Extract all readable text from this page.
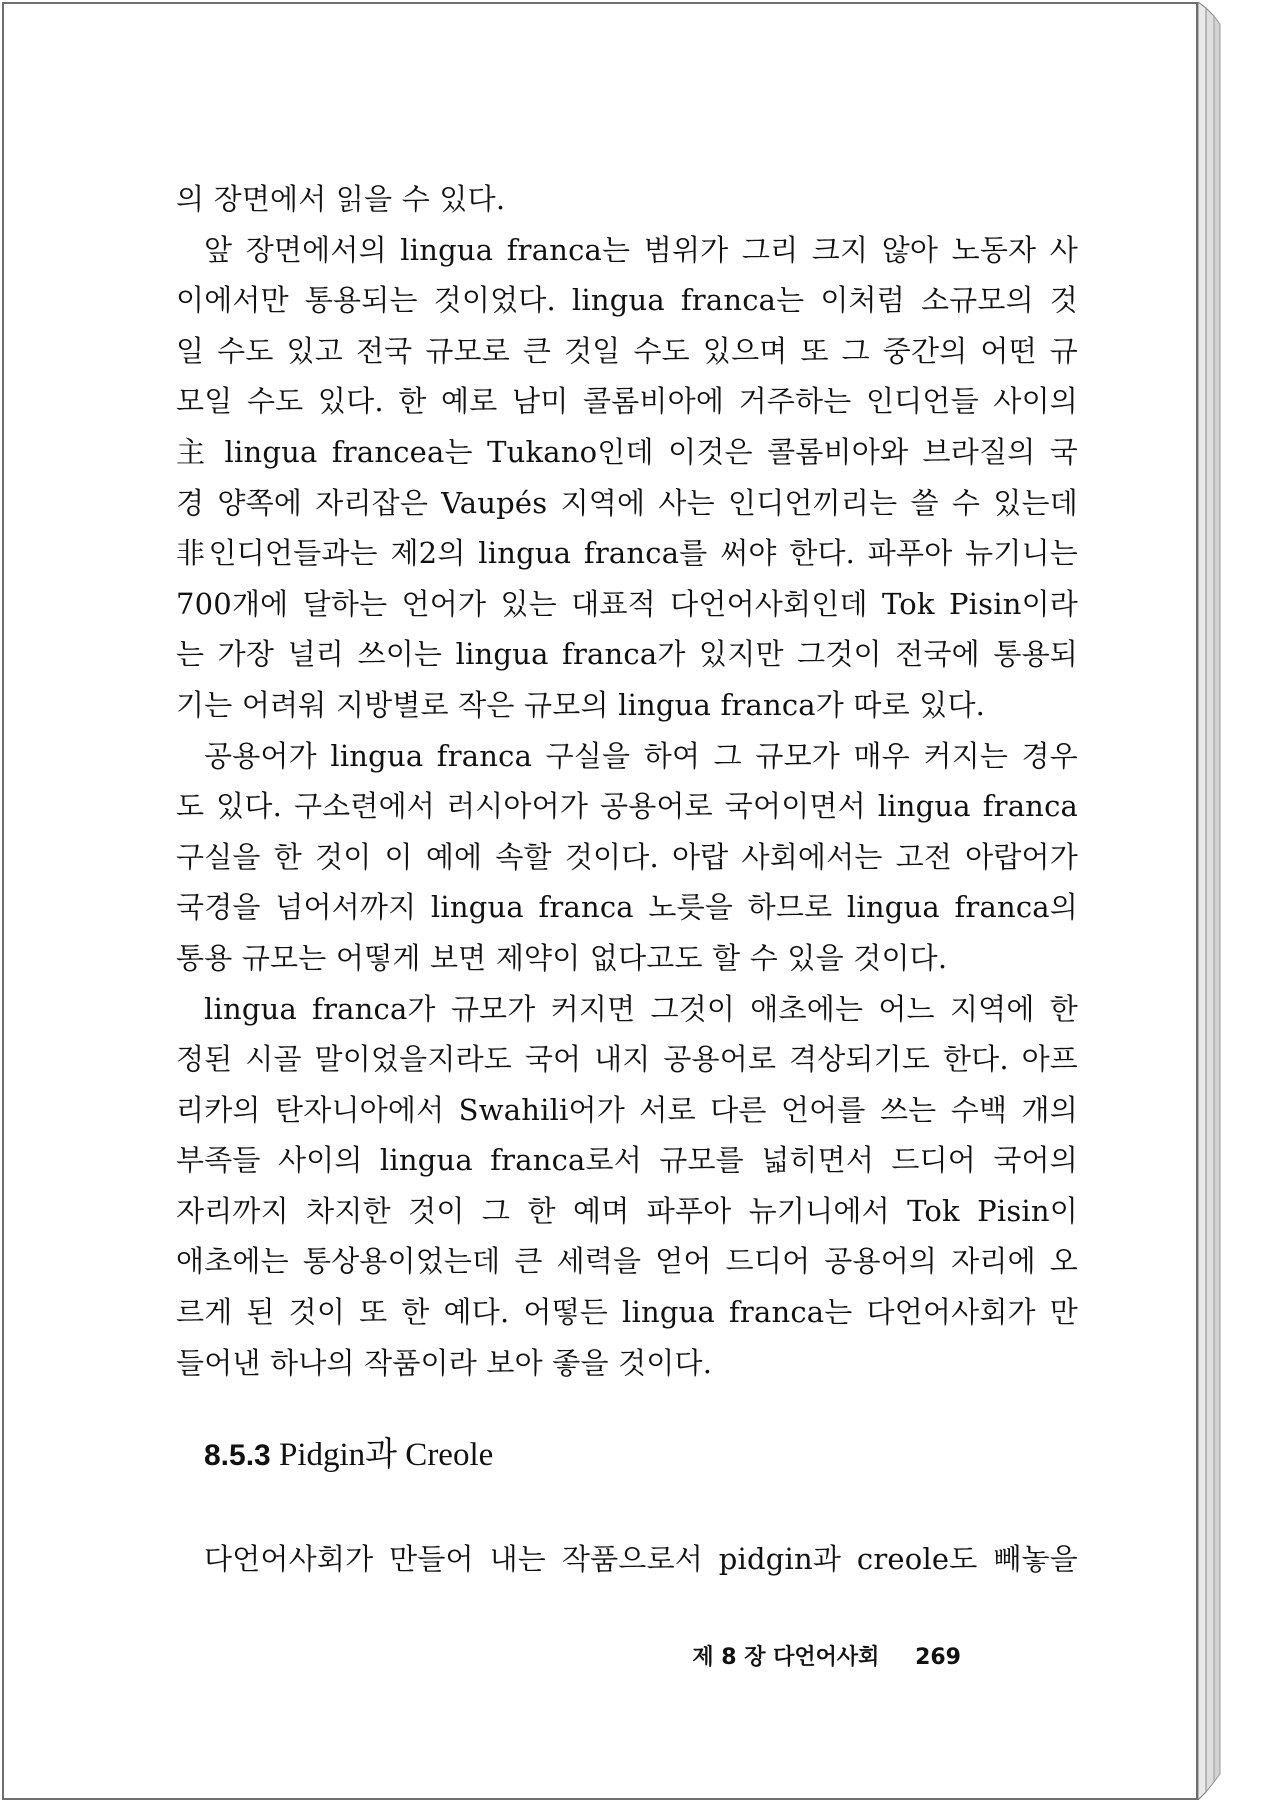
의 장면에서 읽을 수 있다.
앞 장면에서의 lingua franca는 범위가 그리 크지 않아 노동자 사
이에서만 통용되는 것이었다. lingua franca는 이처럼 소규모의 것
일 수도 있고 전국 규모로 큰 것일 수도 있으며 또 그 중간의 어떤 규
모일 수도 있다. 한 예로 남미 콜롬비아에 거주하는 인디언들 사이의
主 lingua francea는 Tukano인데 이것은 콜롬비아와 브라질의 국
경 양쪽에 자리잡은 Vaupés 지역에 사는 인디언끼리는 쓸 수 있는데
非인디언들과는 제2의 lingua franca를 써야 한다. 파푸아 뉴기니는
700개에 달하는 언어가 있는 대표적 다언어사회인데 Tok Pisin이라
는 가장 널리 쓰이는 lingua franca가 있지만 그것이 전국에 통용되
기는 어려워 지방별로 작은 규모의 lingua franca가 따로 있다.
공용어가 lingua franca 구실을 하여 그 규모가 매우 커지는 경우
도 있다. 구소련에서 러시아어가 공용어로 국어이면서 lingua franca
구실을 한 것이 이 예에 속할 것이다. 아랍 사회에서는 고전 아랍어가
국경을 넘어서까지 lingua franca 노릇을 하므로 lingua franca의
통용 규모는 어떻게 보면 제약이 없다고도 할 수 있을 것이다.
lingua franca가 규모가 커지면 그것이 애초에는 어느 지역에 한
정된 시골 말이었을지라도 국어 내지 공용어로 격상되기도 한다. 아프
리카의 탄자니아에서 Swahili어가 서로 다른 언어를 쓰는 수백 개의
부족들 사이의 lingua franca로서 규모를 넓히면서 드디어 국어의
자리까지 차지한 것이 그 한 예며 파푸아 뉴기니에서 Tok Pisin이
애초에는 통상용이었는데 큰 세력을 얻어 드디어 공용어의 자리에 오
르게 된 것이 또 한 예다. 어떻든 lingua franca는 다언어사회가 만
들어낸 하나의 작품이라 보아 좋을 것이다.
8.5.3 Pidgin과 Creole
다언어사회가 만들어 내는 작품으로서 pidgin과 creole도 빼놓을
제 8 장 다언어사회 269
